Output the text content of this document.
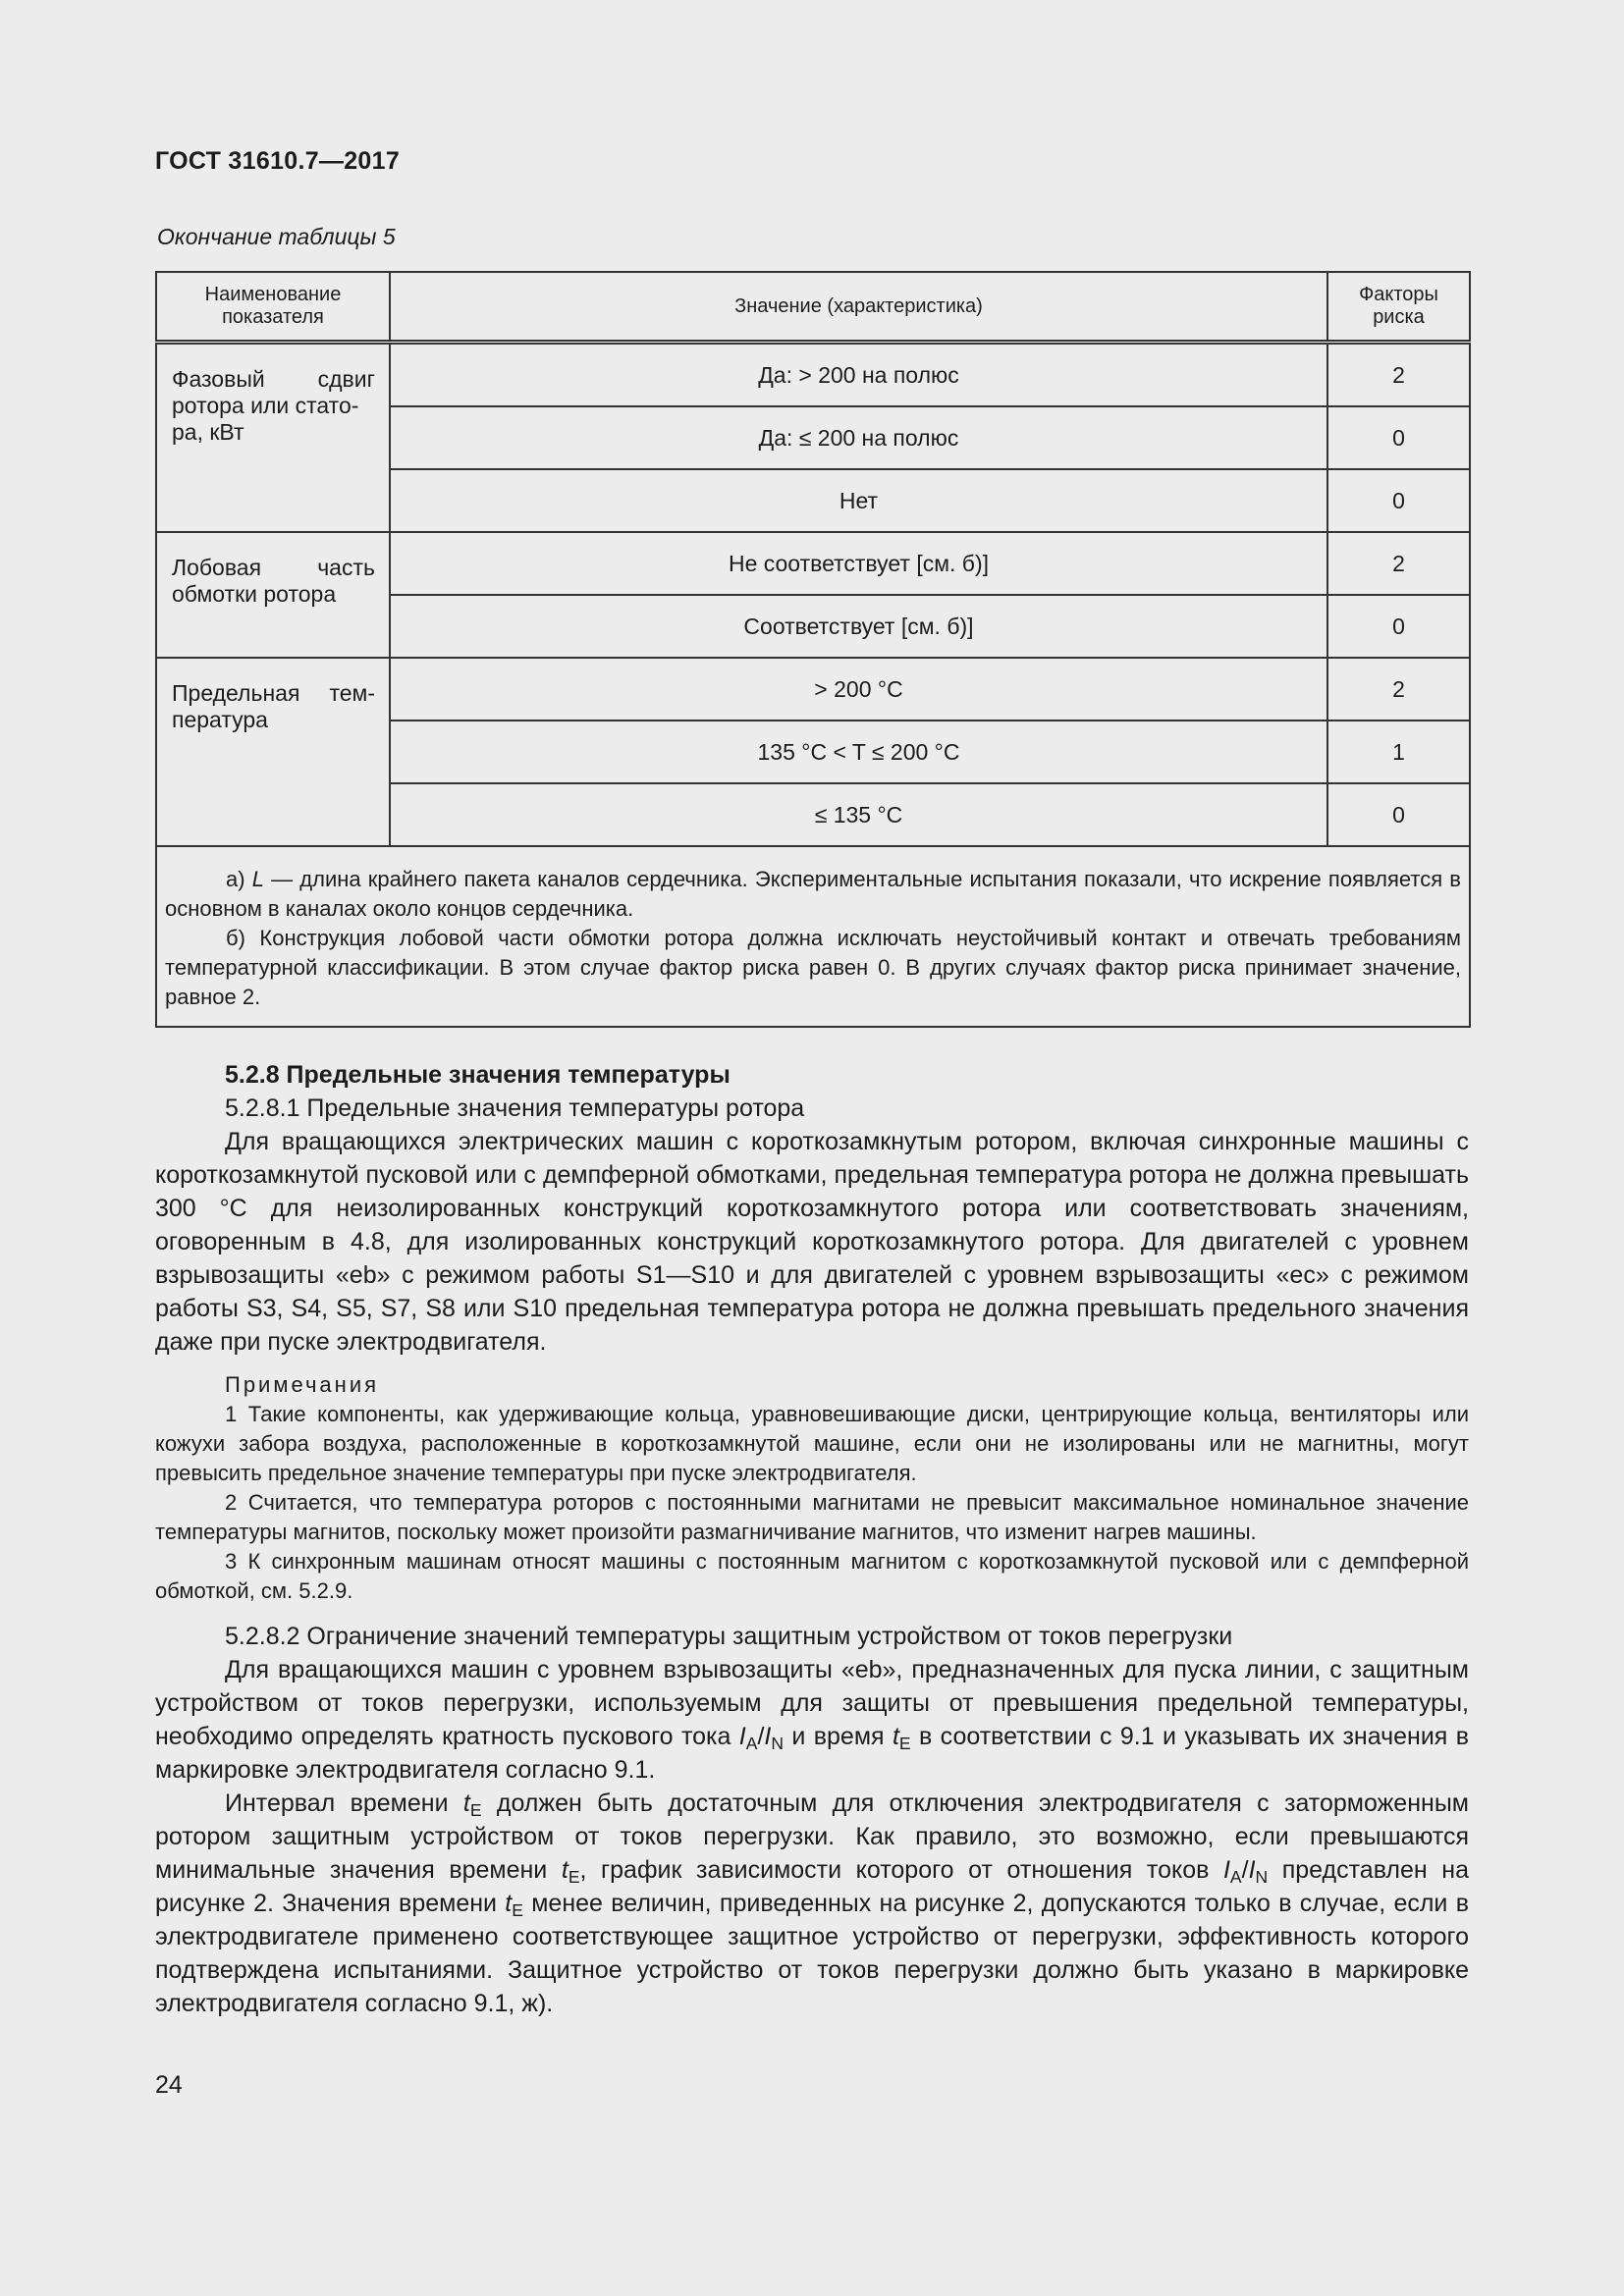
ГОСТ 31610.7—2017
Окончание таблицы 5
Наименование показателя	Значение (характеристика)	Факторы риска

Фазовый сдвиг
ротора или стато-
ра, кВт	Да: > 200 на полюс	2
	Да: ≤ 200 на полюс	0
	Нет	0

Лобовая часть
обмотки ротора	Не соответствует [см. б)]	2
	Соответствует [см. б)]	0

Предельная тем-
пература	> 200 °C	2
	135 °C < T ≤ 200 °C	1
	≤ 135 °C	0

а) L — длина крайнего пакета каналов сердечника. Экспериментальные испытания показали, что искрение появляется в основном в каналах около концов сердечника.

б) Конструкция лобовой части обмотки ротора должна исключать неустойчивый контакт и отвечать требованиям температурной классификации. В этом случае фактор риска равен 0. В других случаях фактор риска принимает значение, равное 2.		

5.2.8 Предельные значения температуры

5.2.8.1 Предельные значения температуры ротора

Для вращающихся электрических машин с короткозамкнутым ротором, включая синхронные машины с короткозамкнутой пусковой или с демпферной обмотками, предельная температура ротора не должна превышать 300 °C для неизолированных конструкций короткозамкнутого ротора или соответствовать значениям, оговоренным в 4.8, для изолированных конструкций короткозамкнутого ротора. Для двигателей с уровнем взрывозащиты «eb» с режимом работы S1—S10 и для двигателей с уровнем взрывозащиты «ec» с режимом работы S3, S4, S5, S7, S8 или S10 предельная температура ротора не должна превышать предельного значения даже при пуске электродвигателя.

Примечания

1 Такие компоненты, как удерживающие кольца, уравновешивающие диски, центрирующие кольца, вентиляторы или кожухи забора воздуха, расположенные в короткозамкнутой машине, если они не изолированы или не магнитны, могут превысить предельное значение температуры при пуске электродвигателя.

2 Считается, что температура роторов с постоянными магнитами не превысит максимальное номинальное значение температуры магнитов, поскольку может произойти размагничивание магнитов, что изменит нагрев машины.

3 К синхронным машинам относят машины с постоянным магнитом с короткозамкнутой пусковой или с демпферной обмоткой, см. 5.2.9.

5.2.8.2 Ограничение значений температуры защитным устройством от токов перегрузки

Для вращающихся машин с уровнем взрывозащиты «eb», предназначенных для пуска линии, с защитным устройством от токов перегрузки, используемым для защиты от превышения предельной температуры, необходимо определять кратность пускового тока $I_A/I_N$ и время $t_E$ в соответствии с 9.1 и указывать их значения в маркировке электродвигателя согласно 9.1.

Интервал времени $t_E$ должен быть достаточным для отключения электродвигателя с заторможенным ротором защитным устройством от токов перегрузки. Как правило, это возможно, если превышаются минимальные значения времени $t_E$, график зависимости которого от отношения токов $I_A/I_N$ представлен на рисунке 2. Значения времени $t_E$ менее величин, приведенных на рисунке 2, допускаются только в случае, если в электродвигателе применено соответствующее защитное устройство от перегрузки, эффективность которого подтверждена испытаниями. Защитное устройство от токов перегрузки должно быть указано в маркировке электродвигателя согласно 9.1, ж).

24
